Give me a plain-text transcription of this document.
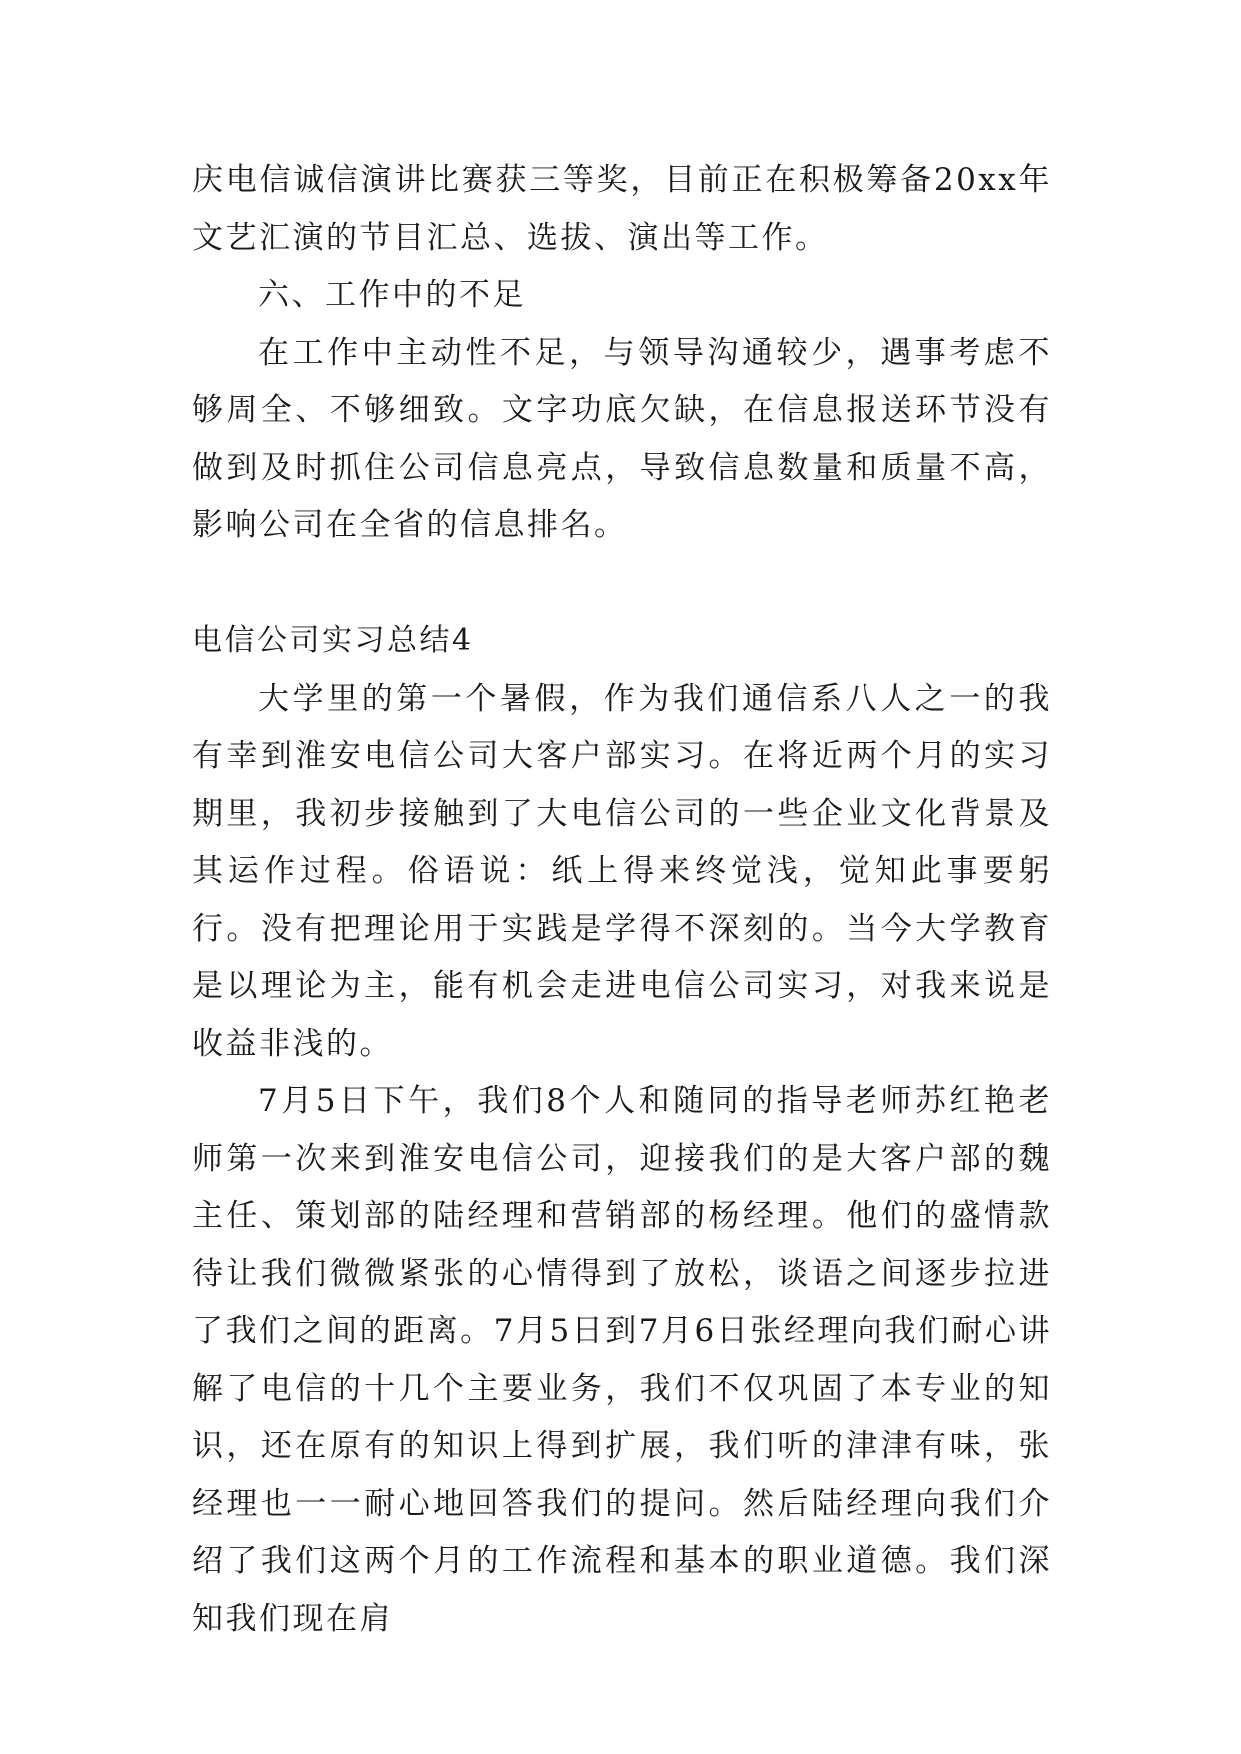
庆电信诚信演讲比赛获三等奖，目前正在积极筹备20xx年文艺汇演的节目汇总、选拔、演出等工作。

六、工作中的不足

在工作中主动性不足，与领导沟通较少，遇事考虑不够周全、不够细致。文字功底欠缺，在信息报送环节没有做到及时抓住公司信息亮点，导致信息数量和质量不高，影响公司在全省的信息排名。

电信公司实习总结4

大学里的第一个暑假，作为我们通信系八人之一的我有幸到淮安电信公司大客户部实习。在将近两个月的实习期里，我初步接触到了大电信公司的一些企业文化背景及其运作过程。俗语说：纸上得来终觉浅，觉知此事要躬行。没有把理论用于实践是学得不深刻的。当今大学教育是以理论为主，能有机会走进电信公司实习，对我来说是收益非浅的。

7月5日下午，我们8个人和随同的指导老师苏红艳老师第一次来到淮安电信公司，迎接我们的是大客户部的魏主任、策划部的陆经理和营销部的杨经理。他们的盛情款待让我们微微紧张的心情得到了放松，谈语之间逐步拉进了我们之间的距离。7月5日到7月6日张经理向我们耐心讲解了电信的十几个主要业务，我们不仅巩固了本专业的知识，还在原有的知识上得到扩展，我们听的津津有味，张经理也一一耐心地回答我们的提问。然后陆经理向我们介绍了我们这两个月的工作流程和基本的职业道德。我们深知我们现在肩
